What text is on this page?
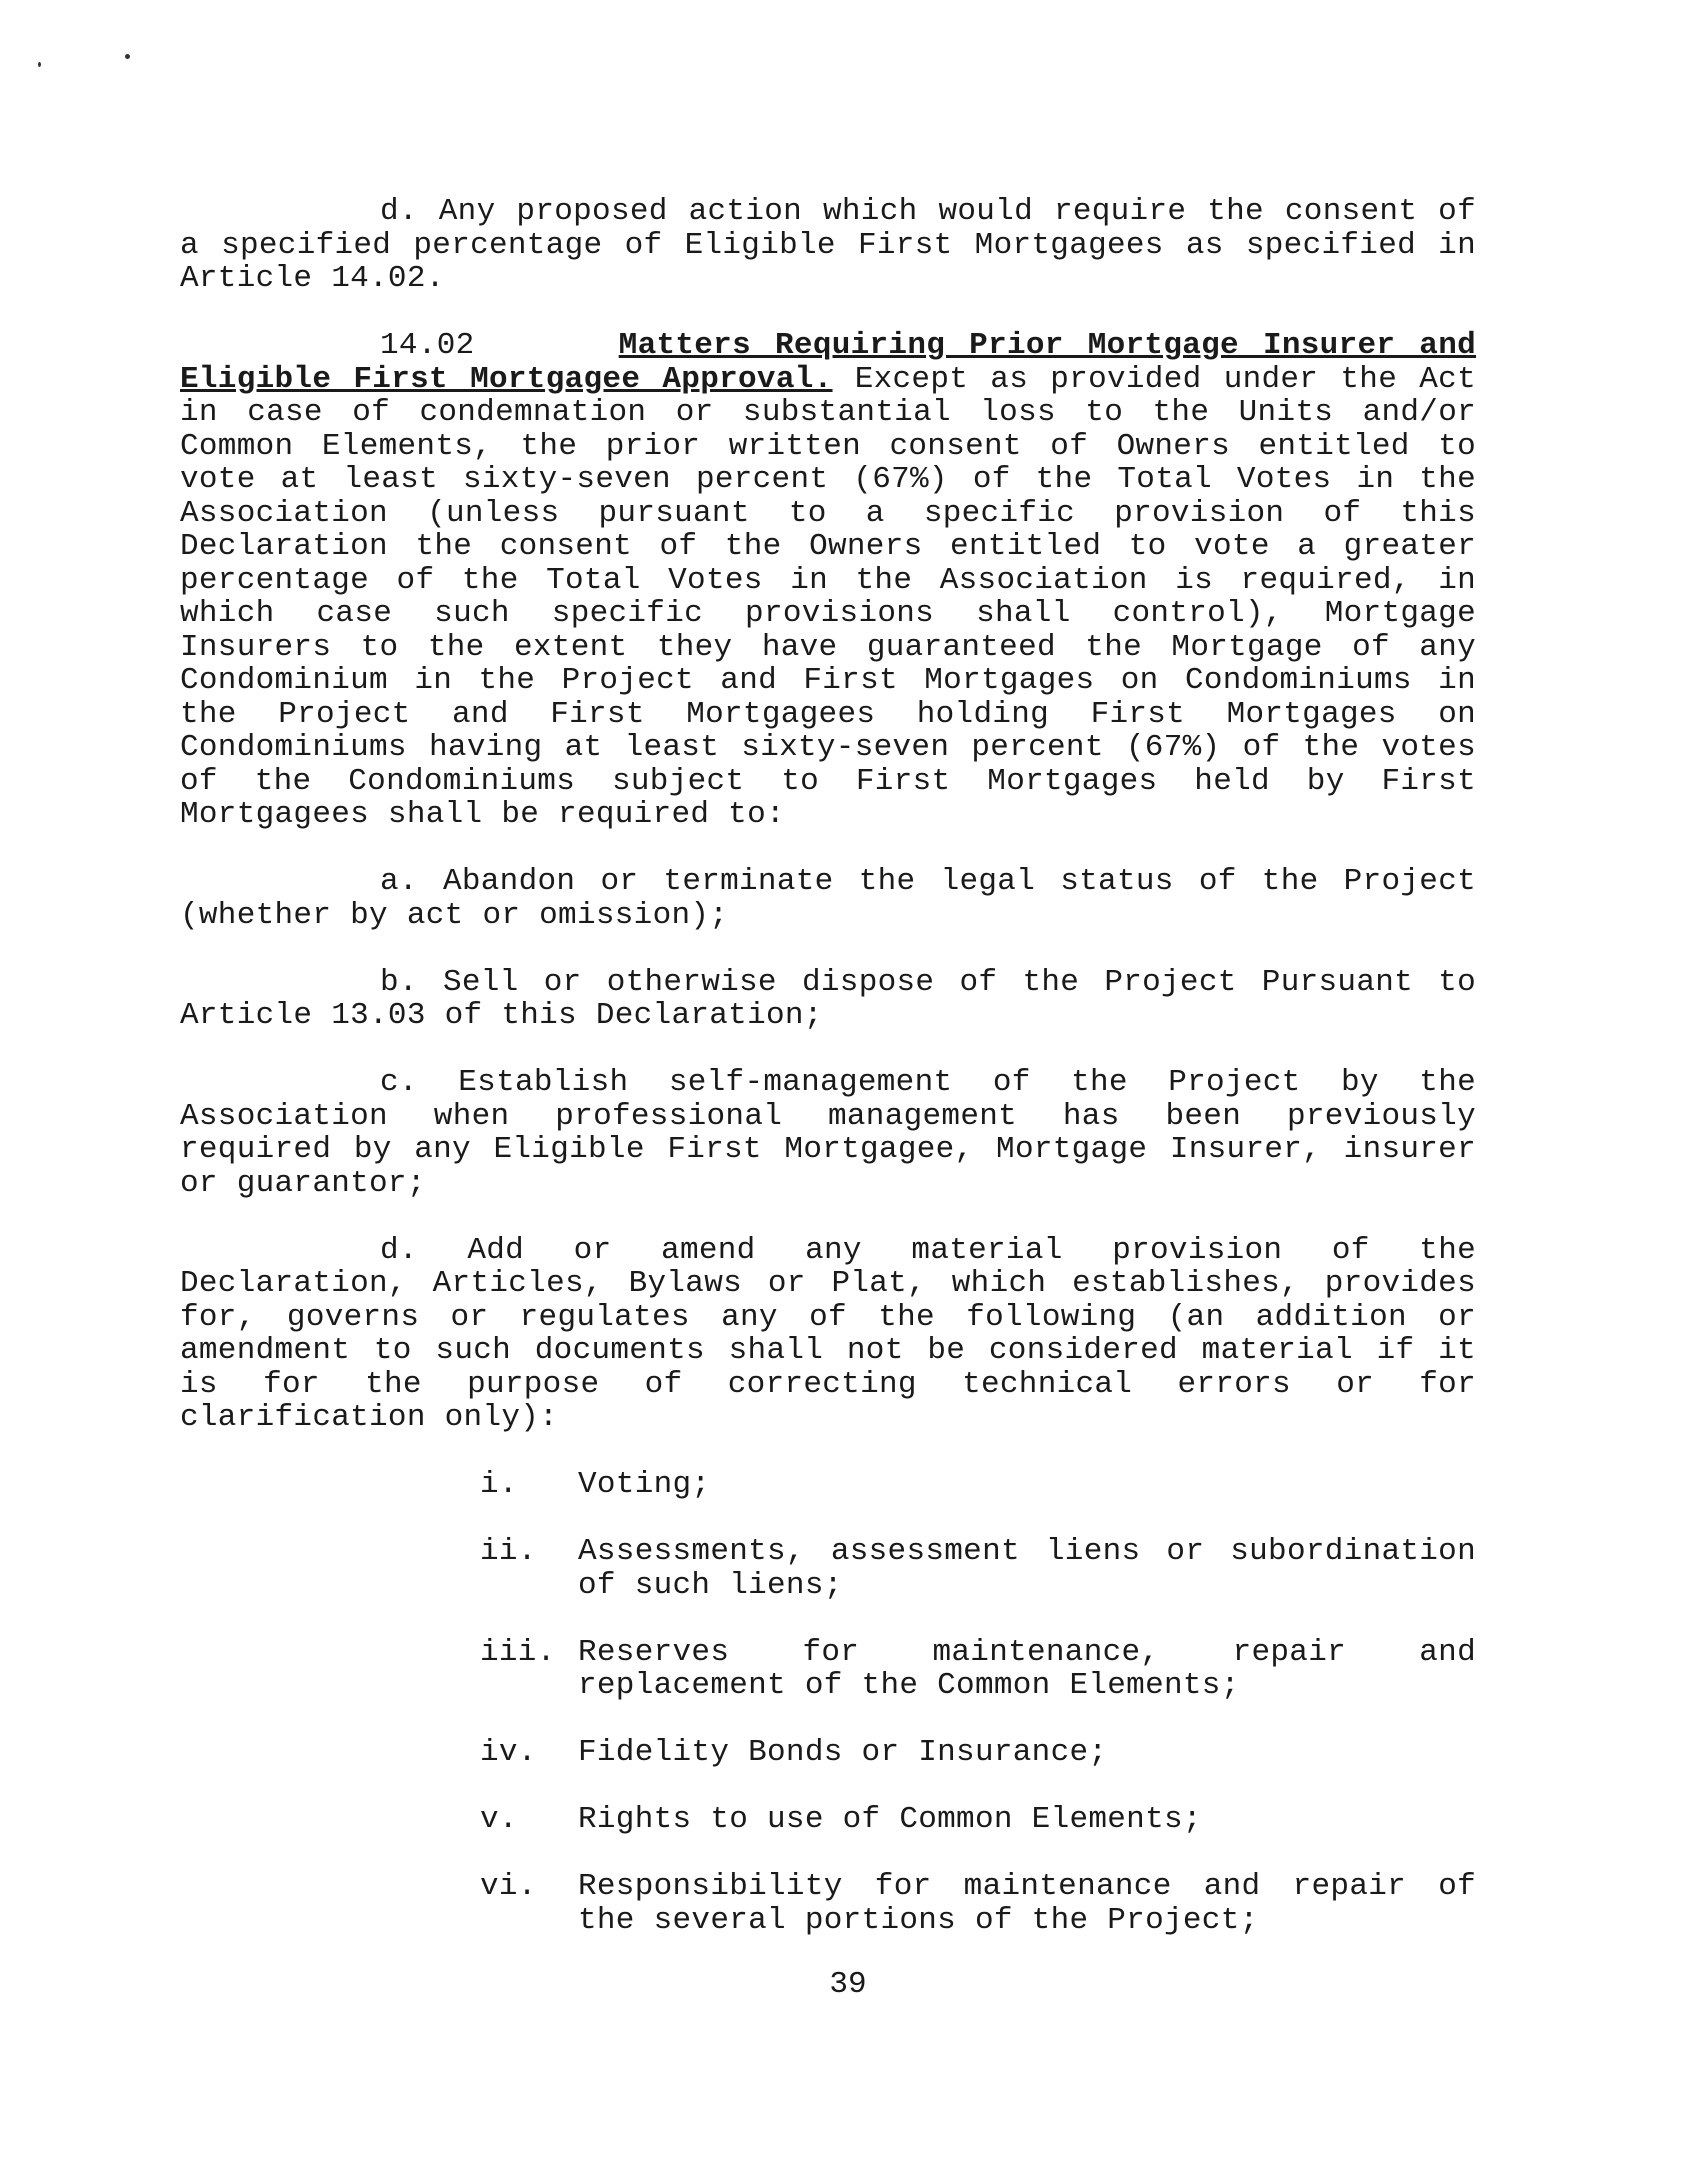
d. Any proposed action which would require the consent of a specified percentage of Eligible First Mortgagees as specified in Article 14.02.

14.02      Matters Requiring Prior Mortgage Insurer and Eligible First Mortgagee Approval. Except as provided under the Act in case of condemnation or substantial loss to the Units and/or Common Elements, the prior written consent of Owners entitled to vote at least sixty-seven percent (67%) of the Total Votes in the Association (unless pursuant to a specific provision of this Declaration the consent of the Owners entitled to vote a greater percentage of the Total Votes in the Association is required, in which case such specific provisions shall control), Mortgage Insurers to the extent they have guaranteed the Mortgage of any Condominium in the Project and First Mortgages on Condominiums in the Project and First Mortgagees holding First Mortgages on Condominiums having at least sixty-seven percent (67%) of the votes of the Condominiums subject to First Mortgages held by First Mortgagees shall be required to:

a. Abandon or terminate the legal status of the Project (whether by act or omission);

b. Sell or otherwise dispose of the Project Pursuant to Article 13.03 of this Declaration;

c. Establish self-management of the Project by the Association when professional management has been previously required by any Eligible First Mortgagee, Mortgage Insurer, insurer or guarantor;

d. Add or amend any material provision of the Declaration, Articles, Bylaws or Plat, which establishes, provides for, governs or regulates any of the following (an addition or amendment to such documents shall not be considered material if it is for the purpose of correcting technical errors or for clarification only):

i.	Voting;
ii.	Assessments, assessment liens or subordination of such liens;
iii. Reserves for maintenance, repair and replacement of the Common Elements;
iv.	Fidelity Bonds or Insurance;
v.	Rights to use of Common Elements;
vi.	Responsibility for maintenance and repair of the several portions of the Project;
39
